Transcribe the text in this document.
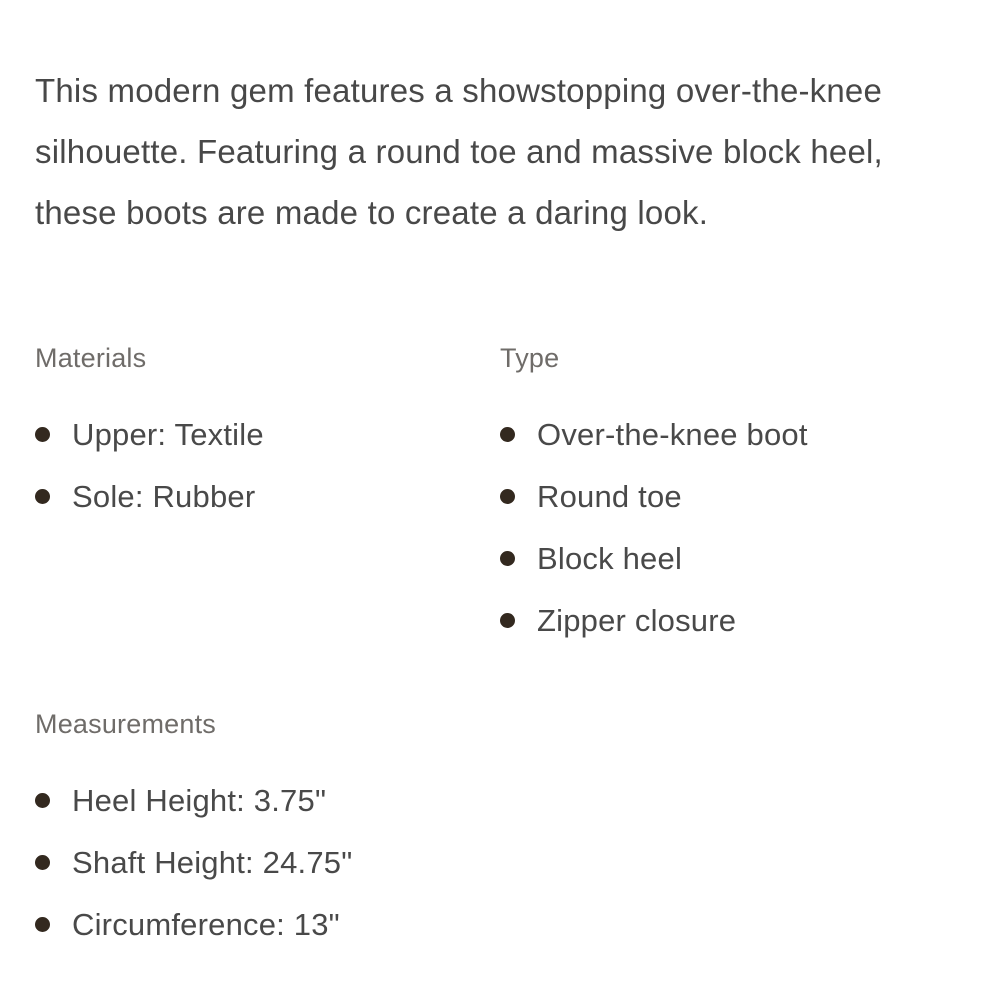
This modern gem features a showstopping over-the-knee silhouette. Featuring a round toe and massive block heel, these boots are made to create a daring look.

Materials
Upper: Textile
Sole: Rubber
Type
Over-the-knee boot
Round toe
Block heel
Zipper closure
Measurements
Heel Height: 3.75"
Shaft Height: 24.75"
Circumference: 13"
